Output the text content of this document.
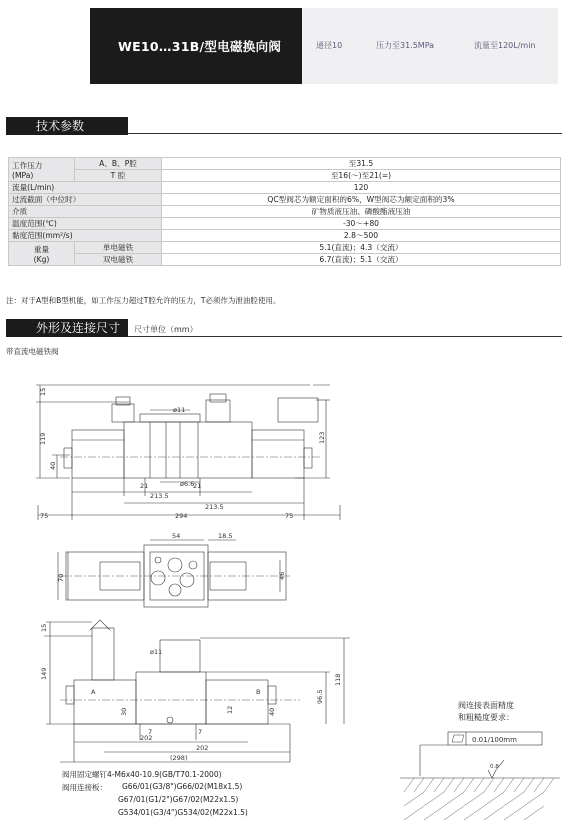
WE10…31B/型电磁换向阀	通径10	压力至31.5MPa	流量至120L/min
技术参数
工作压力
(MPa)	A、B、P腔	至31.5
	T 腔	至16(～)至21(=)
流量(L/min)		120
过流截面（中位时）		QC型阀芯为额定面积的6%，W型阀芯为额定面积的3%
介质		矿物质液压油、磷酸酯液压油
温度范围(℃)		-30～+80
黏度范围(mm²/s)		2.8～500

重量
(Kg)	单电磁铁	5.1(直流)；4.3（交流）
	双电磁铁	6.7(直流)；5.1（交流）
注：对于A型和B型机能，如工作压力超过T腔允许的压力，T必须作为泄油腔使用。
外形及连接尺寸	尺寸单位（mm）
带直流电磁铁阀
15
119
40
123
ø11
ø6.6
21	21
213.5
213.5
75	294	75
54	18.5
70	46
15
149
ø11
96.5
118
30	12	40
7	7
202
202
(298)
A	B
0.01/100mm
0.8
阀连接表面精度
和粗糙度要求：
阀用固定螺钉4-M6x40-10.9(GB/T70.1-2000)
阀用连接板： G66/01(G3/8")G66/02(M18x1.5)
G67/01(G1/2")G67/02(M22x1.5)
G534/01(G3/4")G534/02(M22x1.5)
